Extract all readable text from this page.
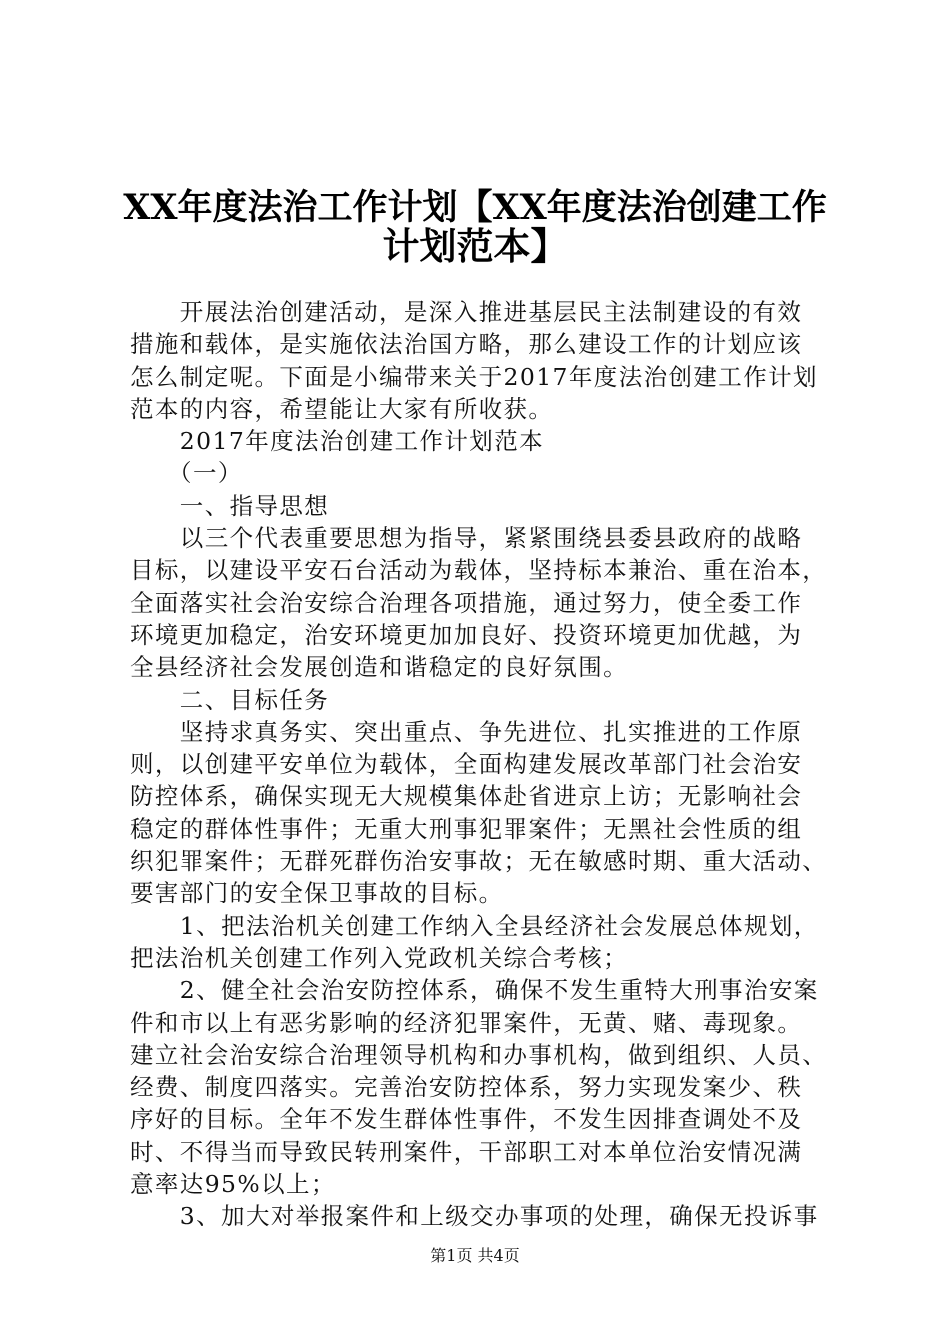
XX年度法治工作计划【XX年度法治创建工作
计划范本】
　　开展法治创建活动，是深入推进基层民主法制建设的有效
措施和载体，是实施依法治国方略，那么建设工作的计划应该
怎么制定呢。下面是小编带来关于2017年度法治创建工作计划
范本的内容，希望能让大家有所收获。
　　2017年度法治创建工作计划范本
　　（一）
　　一、指导思想
　　以三个代表重要思想为指导，紧紧围绕县委县政府的战略
目标，以建设平安石台活动为载体，坚持标本兼治、重在治本，
全面落实社会治安综合治理各项措施，通过努力，使全委工作
环境更加稳定，治安环境更加加良好、投资环境更加优越，为
全县经济社会发展创造和谐稳定的良好氛围。
　　二、目标任务
　　坚持求真务实、突出重点、争先进位、扎实推进的工作原
则，以创建平安单位为载体，全面构建发展改革部门社会治安
防控体系，确保实现无大规模集体赴省进京上访；无影响社会
稳定的群体性事件；无重大刑事犯罪案件；无黑社会性质的组
织犯罪案件；无群死群伤治安事故；无在敏感时期、重大活动、
要害部门的安全保卫事故的目标。
　　1、把法治机关创建工作纳入全县经济社会发展总体规划，
把法治机关创建工作列入党政机关综合考核；
　　2、健全社会治安防控体系，确保不发生重特大刑事治安案
件和市以上有恶劣影响的经济犯罪案件，无黄、赌、毒现象。
建立社会治安综合治理领导机构和办事机构，做到组织、人员、
经费、制度四落实。完善治安防控体系，努力实现发案少、秩
序好的目标。全年不发生群体性事件，不发生因排查调处不及
时、不得当而导致民转刑案件，干部职工对本单位治安情况满
意率达95%以上；
　　3、加大对举报案件和上级交办事项的处理，确保无投诉事
第1页 共4页
